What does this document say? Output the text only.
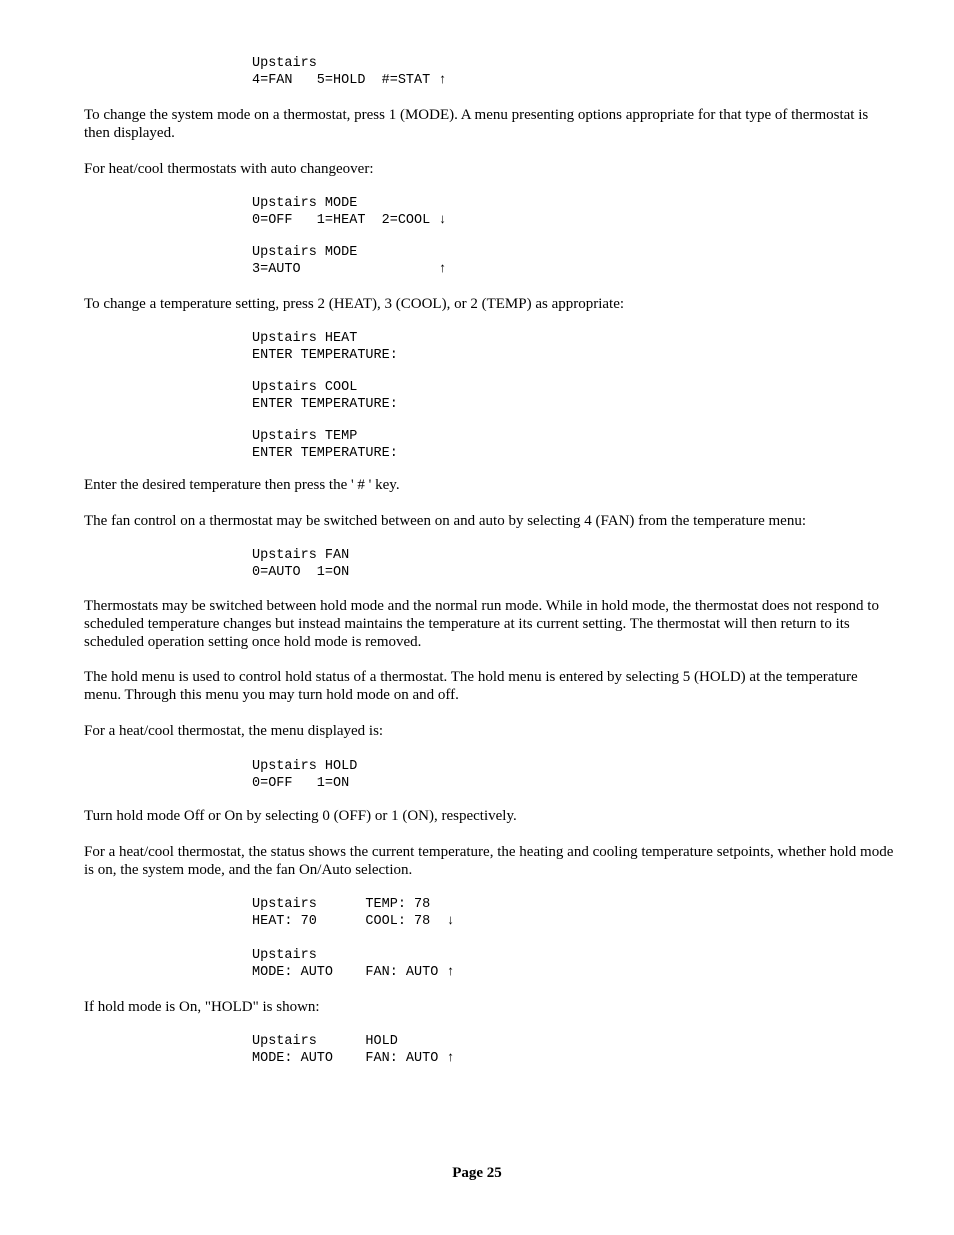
Upstairs
4=FAN   5=HOLD  #=STAT ↑

To change the system mode on a thermostat, press 1 (MODE). A menu presenting options appropriate for that type of thermostat is then displayed.

For heat/cool thermostats with auto changeover:

Upstairs MODE
0=OFF   1=HEAT  2=COOL ↓
Upstairs MODE
3=AUTO                 ↑

To change a temperature setting, press 2 (HEAT), 3 (COOL), or 2 (TEMP) as appropriate:

Upstairs HEAT
ENTER TEMPERATURE:
Upstairs COOL
ENTER TEMPERATURE:
Upstairs TEMP
ENTER TEMPERATURE:

Enter the desired temperature then press the ' # ' key.

The fan control on a thermostat may be switched between on and auto by selecting 4 (FAN) from the temperature menu:

Upstairs FAN
0=AUTO  1=ON

Thermostats may be switched between hold mode and the normal run mode. While in hold mode, the thermostat does not respond to scheduled temperature changes but instead maintains the temperature at its current setting. The thermostat will then return to its scheduled operation setting once hold mode is removed.

The hold menu is used to control hold status of a thermostat. The hold menu is entered by selecting 5 (HOLD) at the temperature menu. Through this menu you may turn hold mode on and off.

For a heat/cool thermostat, the menu displayed is:

Upstairs HOLD
0=OFF   1=ON

Turn hold mode Off or On by selecting 0 (OFF) or 1 (ON), respectively.

For a heat/cool thermostat, the status shows the current temperature, the heating and cooling temperature setpoints, whether hold mode is on, the system mode, and the fan On/Auto selection.

Upstairs      TEMP: 78
HEAT: 70      COOL: 78  ↓
Upstairs
MODE: AUTO    FAN: AUTO ↑

If hold mode is On, "HOLD" is shown:

Upstairs      HOLD
MODE: AUTO    FAN: AUTO ↑

Page 25
